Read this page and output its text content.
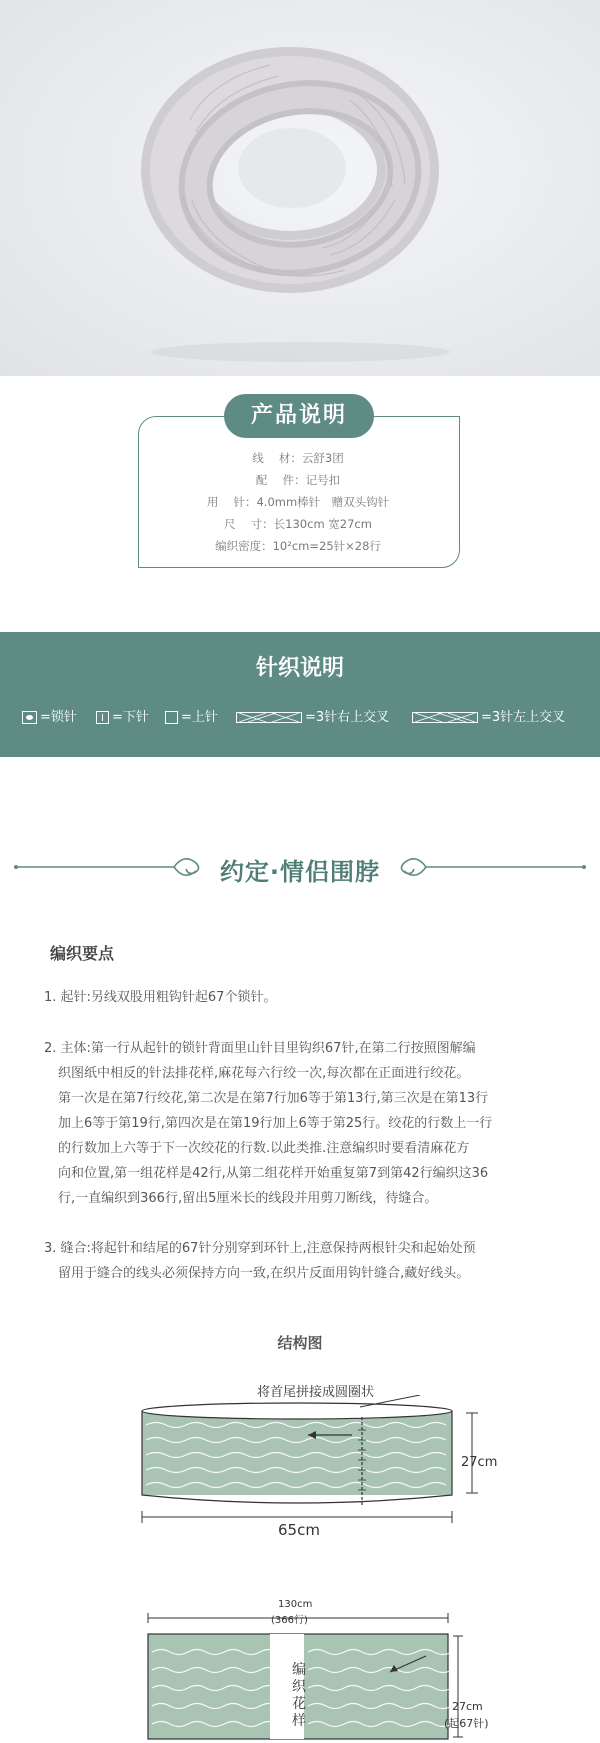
产品说明
线　 材：云舒3团
配　 件：记号扣
用　 针：4.0mm棒针　赠双头钩针
尺　 寸：长130cm 宽27cm
编织密度：10²cm=25针×28行
针织说明
=锁针	=下针	=上针	=3针右上交叉	=3针左上交叉
约定·情侣围脖
编织要点
1. 起针:另线双股用粗钩针起67个锁针。
2. 主体:第一行从起针的锁针背面里山针目里钩织67针,在第二行按照图解编
织图纸中相反的针法排花样,麻花每六行绞一次,每次都在正面进行绞花。
第一次是在第7行绞花,第二次是在第7行加6等于第13行,第三次是在第13行
加上6等于第19行,第四次是在第19行加上6等于第25行。绞花的行数上一行
的行数加上六等于下一次绞花的行数.以此类推.注意编织时要看清麻花方
向和位置,第一组花样是42行,从第二组花样开始重复第7到第42行编织这36
行,一直编织到366行,留出5厘米长的线段并用剪刀断线，待缝合。
3. 缝合:将起针和结尾的67针分别穿到环针上,注意保持两根针尖和起始处预
留用于缝合的线头必须保持方向一致,在织片反面用钩针缝合,藏好线头。
结构图
将首尾拼接成圆圈状
65cm
27cm
130cm
(366行)
编织花样
27cm
(起67针)
